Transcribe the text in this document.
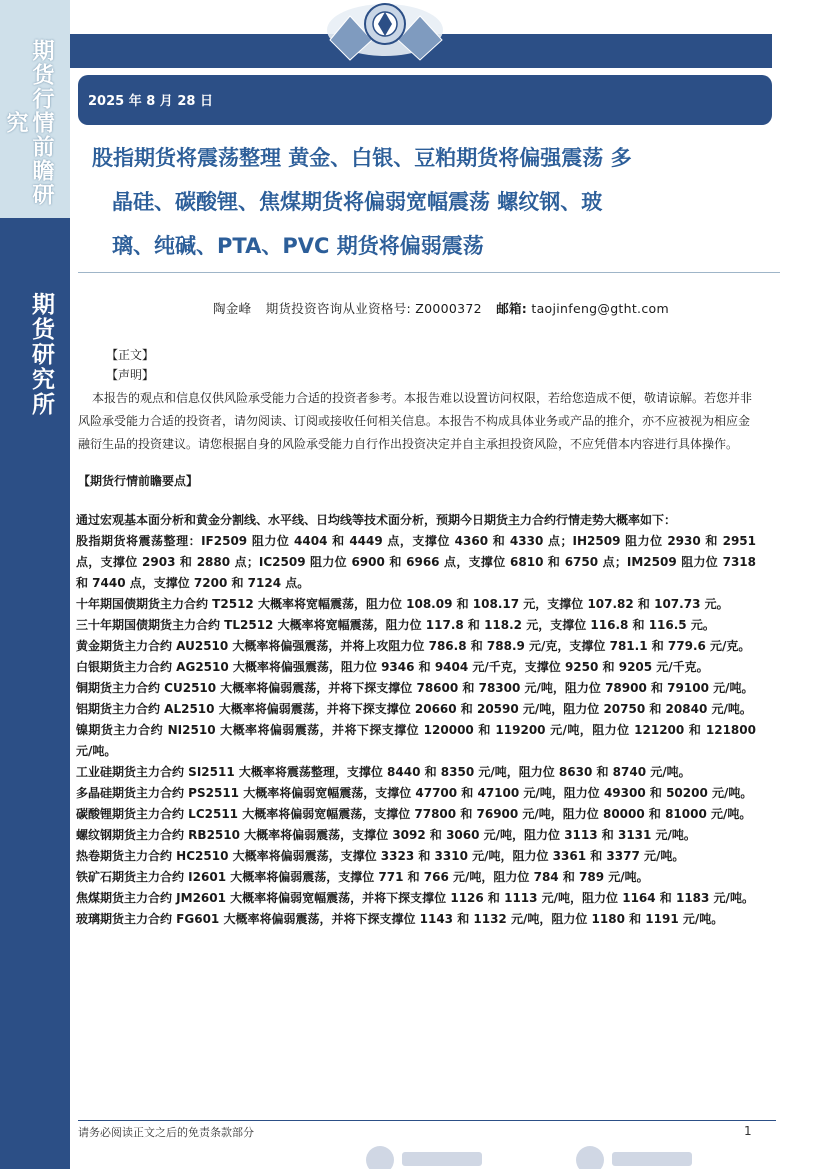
期货行情前瞻研究
期货研究所
2025 年 8 月 28 日
股指期货将震荡整理 黄金、白银、豆粕期货将偏强震荡 多
晶硅、碳酸锂、焦煤期货将偏弱宽幅震荡 螺纹钢、玻
璃、纯碱、PTA、PVC 期货将偏弱震荡
陶金峰 期货投资咨询从业资格号: Z0000372 邮箱: taojinfeng@gtht.com
【正文】
【声明】
本报告的观点和信息仅供风险承受能力合适的投资者参考。本报告难以设置访问权限，若给您造成不便，敬请谅解。若您并非风险承受能力合适的投资者，请勿阅读、订阅或接收任何相关信息。本报告不构成具体业务或产品的推介，亦不应被视为相应金融衍生品的投资建议。请您根据自身的风险承受能力自行作出投资决定并自主承担投资风险，不应凭借本内容进行具体操作。
【期货行情前瞻要点】

通过宏观基本面分析和黄金分割线、水平线、日均线等技术面分析，预期今日期货主力合约行情走势大概率如下：

股指期货将震荡整理：IF2509 阻力位 4404 和 4449 点，支撑位 4360 和 4330 点；IH2509 阻力位 2930 和 2951 点，支撑位 2903 和 2880 点；IC2509 阻力位 6900 和 6966 点，支撑位 6810 和 6750 点；IM2509 阻力位 7318 和 7440 点，支撑位 7200 和 7124 点。

十年期国债期货主力合约 T2512 大概率将宽幅震荡，阻力位 108.09 和 108.17 元，支撑位 107.82 和 107.73 元。

三十年期国债期货主力合约 TL2512 大概率将宽幅震荡，阻力位 117.8 和 118.2 元，支撑位 116.8 和 116.5 元。

黄金期货主力合约 AU2510 大概率将偏强震荡，并将上攻阻力位 786.8 和 788.9 元/克，支撑位 781.1 和 779.6 元/克。

白银期货主力合约 AG2510 大概率将偏强震荡，阻力位 9346 和 9404 元/千克，支撑位 9250 和 9205 元/千克。

铜期货主力合约 CU2510 大概率将偏弱震荡，并将下探支撑位 78600 和 78300 元/吨，阻力位 78900 和 79100 元/吨。

铝期货主力合约 AL2510 大概率将偏弱震荡，并将下探支撑位 20660 和 20590 元/吨，阻力位 20750 和 20840 元/吨。

镍期货主力合约 NI2510 大概率将偏弱震荡，并将下探支撑位 120000 和 119200 元/吨，阻力位 121200 和 121800 元/吨。

工业硅期货主力合约 SI2511 大概率将震荡整理，支撑位 8440 和 8350 元/吨，阻力位 8630 和 8740 元/吨。

多晶硅期货主力合约 PS2511 大概率将偏弱宽幅震荡，支撑位 47700 和 47100 元/吨，阻力位 49300 和 50200 元/吨。

碳酸锂期货主力合约 LC2511 大概率将偏弱宽幅震荡，支撑位 77800 和 76900 元/吨，阻力位 80000 和 81000 元/吨。

螺纹钢期货主力合约 RB2510 大概率将偏弱震荡，支撑位 3092 和 3060 元/吨，阻力位 3113 和 3131 元/吨。

热卷期货主力合约 HC2510 大概率将偏弱震荡，支撑位 3323 和 3310 元/吨，阻力位 3361 和 3377 元/吨。

铁矿石期货主力合约 I2601 大概率将偏弱震荡，支撑位 771 和 766 元/吨，阻力位 784 和 789 元/吨。

焦煤期货主力合约 JM2601 大概率将偏弱宽幅震荡，并将下探支撑位 1126 和 1113 元/吨，阻力位 1164 和 1183 元/吨。

玻璃期货主力合约 FG601 大概率将偏弱震荡，并将下探支撑位 1143 和 1132 元/吨，阻力位 1180 和 1191 元/吨。

请务必阅读正文之后的免责条款部分	1
